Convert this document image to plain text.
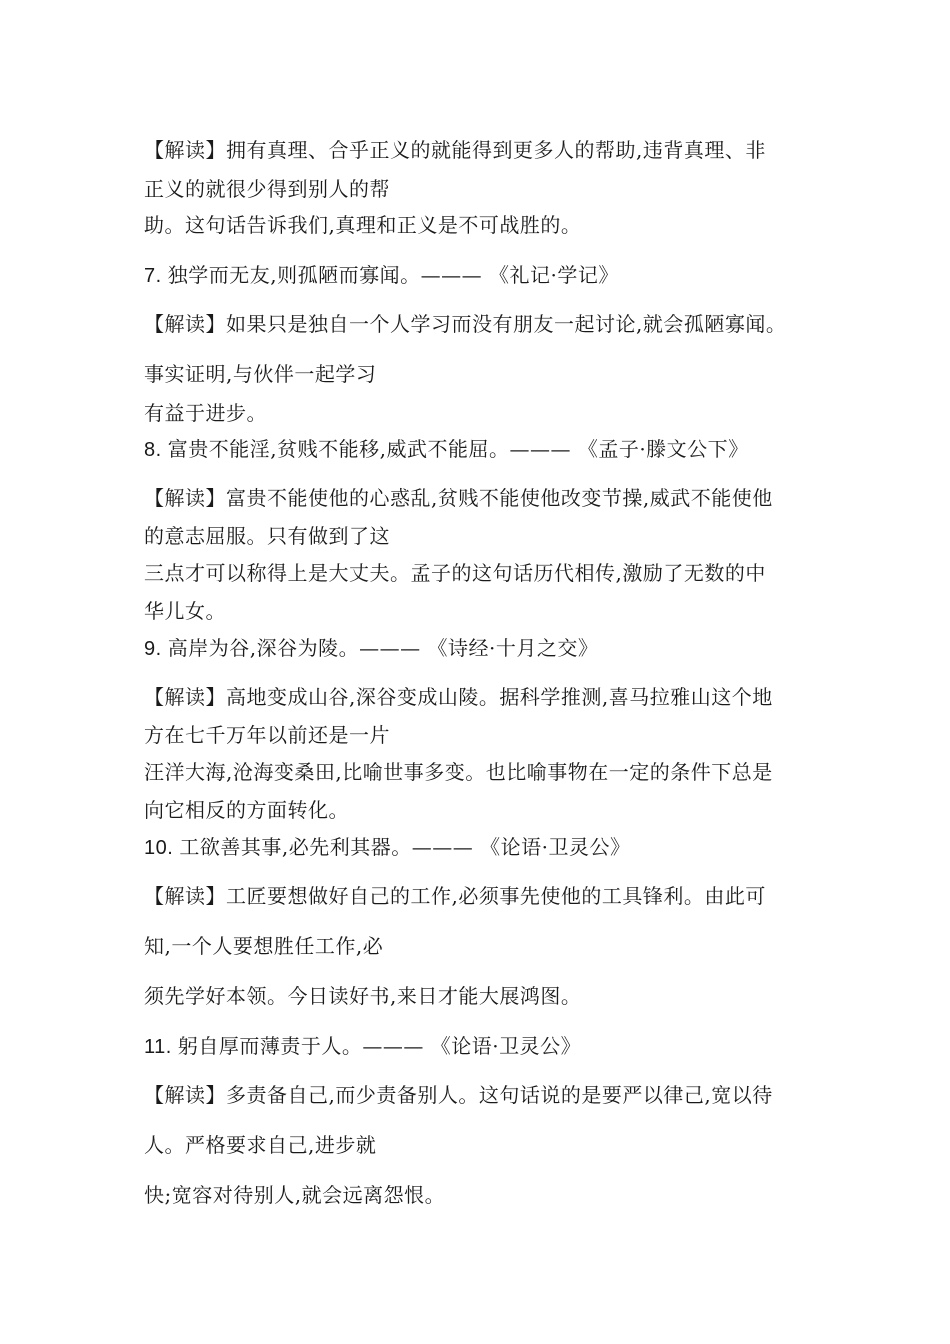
【解读】拥有真理、合乎正义的就能得到更多人的帮助,违背真理、非
正义的就很少得到别人的帮
助。这句话告诉我们,真理和正义是不可战胜的。
7. 独学而无友,则孤陋而寡闻。——— 《礼记·学记》
【解读】如果只是独自一个人学习而没有朋友一起讨论,就会孤陋寡闻。
事实证明,与伙伴一起学习
有益于进步。
8. 富贵不能淫,贫贱不能移,威武不能屈。——— 《孟子·滕文公下》
【解读】富贵不能使他的心惑乱,贫贱不能使他改变节操,威武不能使他
的意志屈服。只有做到了这
三点才可以称得上是大丈夫。孟子的这句话历代相传,激励了无数的中
华儿女。
9. 高岸为谷,深谷为陵。——— 《诗经·十月之交》
【解读】高地变成山谷,深谷变成山陵。据科学推测,喜马拉雅山这个地
方在七千万年以前还是一片
汪洋大海,沧海变桑田,比喻世事多变。也比喻事物在一定的条件下总是
向它相反的方面转化。
10. 工欲善其事,必先利其器。——— 《论语·卫灵公》
【解读】工匠要想做好自己的工作,必须事先使他的工具锋利。由此可
知,一个人要想胜任工作,必
须先学好本领。今日读好书,来日才能大展鸿图。
11. 躬自厚而薄责于人。——— 《论语·卫灵公》
【解读】多责备自己,而少责备别人。这句话说的是要严以律己,宽以待
人。严格要求自己,进步就
快;宽容对待别人,就会远离怨恨。
